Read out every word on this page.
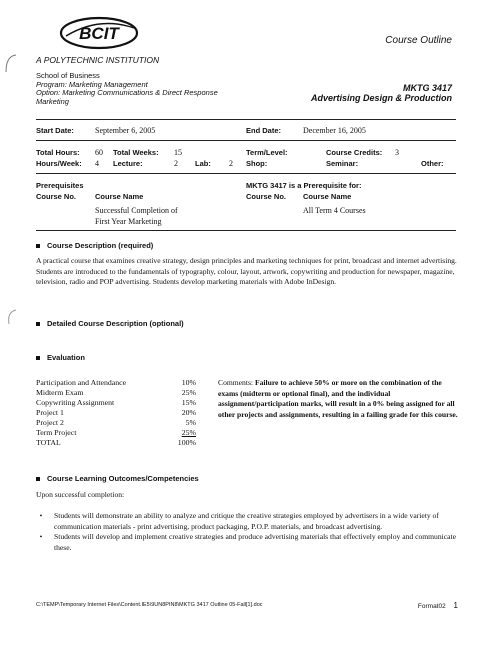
BCIT
A POLYTECHNIC INSTITUTION
Course Outline
School of Business
Program: Marketing Management
Option: Marketing Communications & Direct Response Marketing
MKTG 3417
Advertising Design & Production
Start Date:	September 6, 2005	End Date:	December 16, 2005
Total Hours: 60 Total Weeks: 15	Term/Level:	Course Credits: 3
Hours/Week: 4 Lecture:	2 Lab: 2 Shop:	Seminar:	Other:
Prerequisites
Course No.	Course Name
Successful Completion of
First Year Marketing
MKTG 3417 is a Prerequisite for:
Course No. Course Name
All Term 4 Courses
Course Description (required)
A practical course that examines creative strategy, design principles and marketing techniques for print, broadcast and internet advertising. Students are introduced to the fundamentals of typography, colour, layout, artwork, copywriting and production for newspaper, magazine, television, radio and POP advertising. Students develop marketing materials with Adobe InDesign.
Detailed Course Description (optional)
Evaluation
Participation and Attendance	10%
Midterm Exam	25%
Copywriting Assignment	15%
Project 1	20%
Project 2	5%
Term Project	25%
TOTAL	100%
Comments: Failure to achieve 50% or more on the combination of the exams (midterm or optional final), and the individual assignment/participation marks, will result in a 0% being assigned for all other projects and assignments, resulting in a failing grade for this course.
Course Learning Outcomes/Competencies
Upon successful completion:
•	Students will demonstrate an ability to analyze and critique the creative strategies employed by advertisers in a wide variety of communication materials - print advertising, product packaging, P.O.P. materials, and broadcast advertising.
•	Students will develop and implement creative strategies and produce advertising materials that effectively employ and communicate these.
C:\TEMP\Temporary Internet Files\Content.IE5\9UN8PIN8\MKTG 3417 Outline 05-Fall[1].doc	Format02 1
